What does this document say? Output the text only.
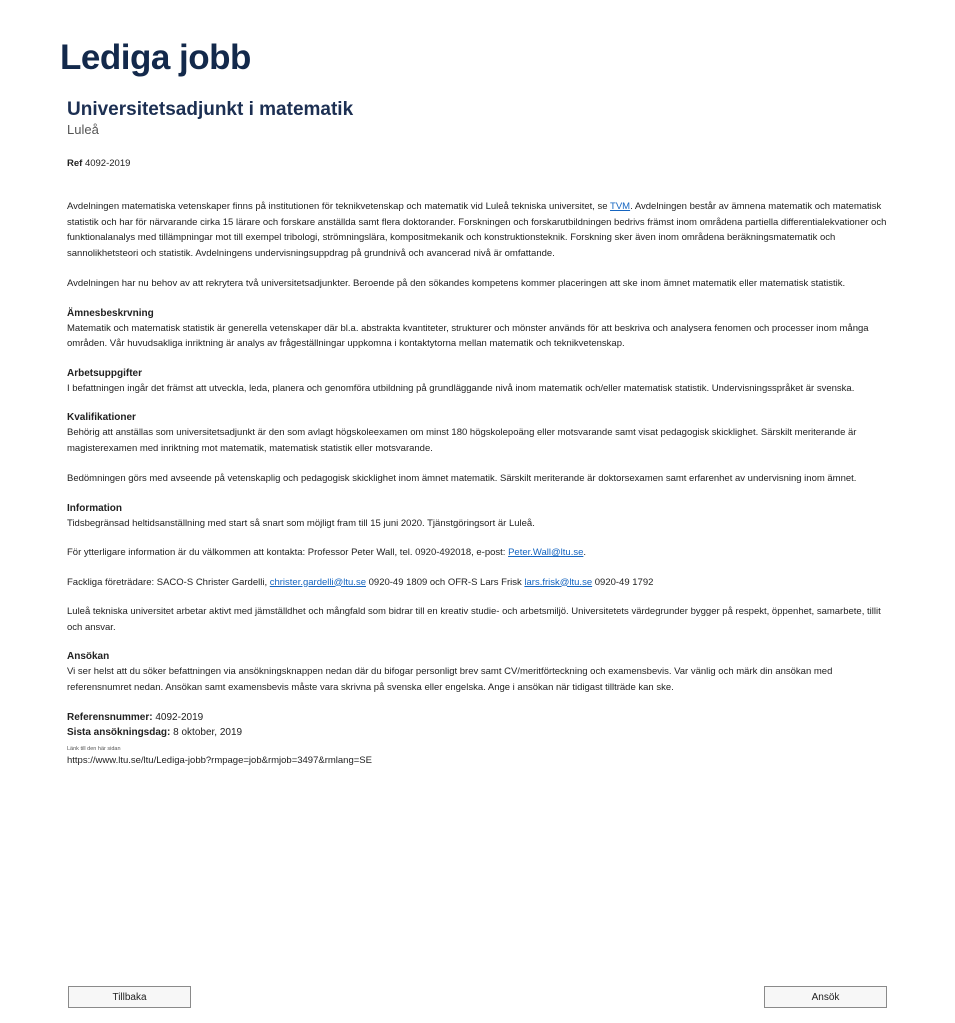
Lediga jobb
Universitetsadjunkt i matematik
Luleå
Ref 4092-2019

Avdelningen matematiska vetenskaper finns på institutionen för teknikvetenskap och matematik vid Luleå tekniska universitet, se TVM. Avdelningen består av ämnena matematik och matematisk statistik och har för närvarande cirka 15 lärare och forskare anställda samt flera doktorander. Forskningen och forskarutbildningen bedrivs främst inom områdena partiella differentialekvationer och funktionalanalys med tillämpningar mot till exempel tribologi, strömningslära, kompositmekanik och konstruktionsteknik. Forskning sker även inom områdena beräkningsmatematik och sannolikhetsteori och statistik. Avdelningens undervisningsuppdrag på grundnivå och avancerad nivå är omfattande.

Avdelningen har nu behov av att rekrytera två universitetsadjunkter. Beroende på den sökandes kompetens kommer placeringen att ske inom ämnet matematik eller matematisk statistik.

Ämnesbeskrvning

Matematik och matematisk statistik är generella vetenskaper där bl.a. abstrakta kvantiteter, strukturer och mönster används för att beskriva och analysera fenomen och processer inom många områden. Vår huvudsakliga inriktning är analys av frågeställningar uppkomna i kontaktytorna mellan matematik och teknikvetenskap.

Arbetsuppgifter

I befattningen ingår det främst att utveckla, leda, planera och genomföra utbildning på grundläggande nivå inom matematik och/eller matematisk statistik. Undervisningsspråket är svenska.

Kvalifikationer

Behörig att anställas som universitetsadjunkt är den som avlagt högskoleexamen om minst 180 högskolepoäng eller motsvarande samt visat pedagogisk skicklighet. Särskilt meriterande är magisterexamen med inriktning mot matematik, matematisk statistik eller motsvarande.

Bedömningen görs med avseende på vetenskaplig och pedagogisk skicklighet inom ämnet matematik. Särskilt meriterande är doktorsexamen samt erfarenhet av undervisning inom ämnet.

Information

Tidsbegränsad heltidsanställning med start så snart som möjligt fram till 15 juni 2020. Tjänstgöringsort är Luleå.

För ytterligare information är du välkommen att kontakta: Professor Peter Wall, tel. 0920-492018, e-post: Peter.Wall@ltu.se.

Fackliga företrädare: SACO-S Christer Gardelli, christer.gardelli@ltu.se 0920-49 1809 och OFR-S Lars Frisk lars.frisk@ltu.se 0920-49 1792

Luleå tekniska universitet arbetar aktivt med jämställdhet och mångfald som bidrar till en kreativ studie- och arbetsmiljö. Universitetets värdegrunder bygger på respekt, öppenhet, samarbete, tillit och ansvar.

Ansökan

Vi ser helst att du söker befattningen via ansökningsknappen nedan där du bifogar personligt brev samt CV/meritförteckning och examensbevis. Var vänlig och märk din ansökan med referensnumret nedan. Ansökan samt examensbevis måste vara skrivna på svenska eller engelska. Ange i ansökan när tidigast tillträde kan ske.

Referensnummer: 4092-2019
Sista ansökningsdag: 8 oktober, 2019
Länk till den här sidan
https://www.ltu.se/ltu/Lediga-jobb?rmpage=job&rmjob=3497&rmlang=SE
Tillbaka	Ansök
